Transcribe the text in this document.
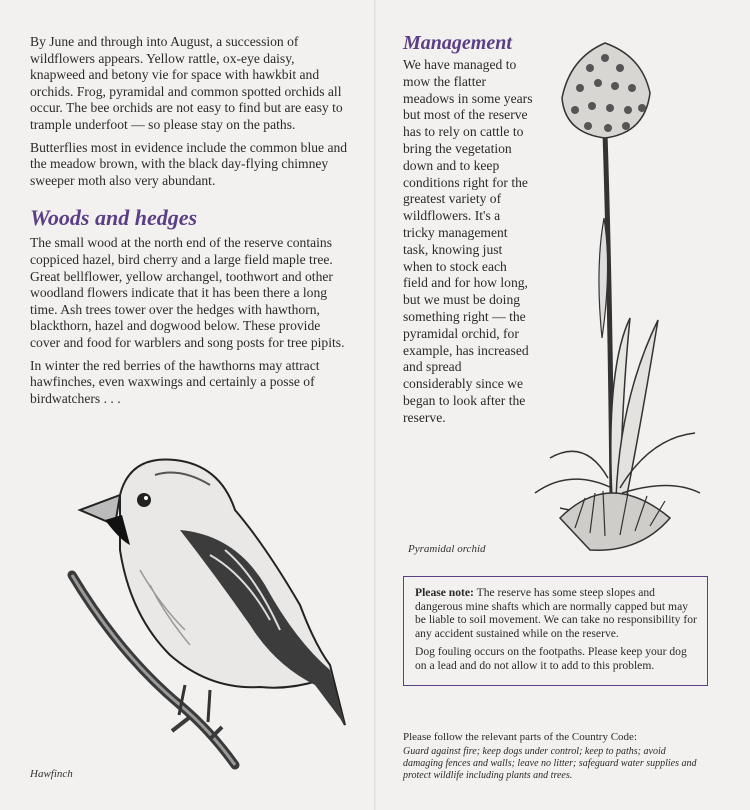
By June and through into August, a succession of wildflowers appears. Yellow rattle, ox-eye daisy, knapweed and betony vie for space with hawkbit and orchids. Frog, pyramidal and common spotted orchids all occur. The bee orchids are not easy to find but are easy to trample underfoot — so please stay on the paths.

Butterflies most in evidence include the common blue and the meadow brown, with the black day-flying chimney sweeper moth also very abundant.

Woods and hedges

The small wood at the north end of the reserve contains coppiced hazel, bird cherry and a large field maple tree. Great bellflower, yellow archangel, toothwort and other woodland flowers indicate that it has been there a long time. Ash trees tower over the hedges with hawthorn, blackthorn, hazel and dogwood below. These provide cover and food for warblers and song posts for tree pipits.

In winter the red berries of the hawthorns may attract hawfinches, even waxwings and certainly a posse of birdwatchers . . .

Hawfinch
Management

We have managed to mow the flatter meadows in some years but most of the reserve has to rely on cattle to bring the vegetation down and to keep conditions right for the greatest variety of wildflowers. It's a tricky management task, knowing just when to stock each field and for how long, but we must be doing something right — the pyramidal orchid, for example, has increased and spread considerably since we began to look after the reserve.

Pyramidal orchid

Please note: The reserve has some steep slopes and dangerous mine shafts which are normally capped but may be liable to soil movement. We can take no responsibility for any accident sustained while on the reserve.

Dog fouling occurs on the footpaths. Please keep your dog on a lead and do not allow it to add to this problem.

Please follow the relevant parts of the Country Code:

Guard against fire; keep dogs under control; keep to paths; avoid damaging fences and walls; leave no litter; safeguard water supplies and protect wildlife including plants and trees.
